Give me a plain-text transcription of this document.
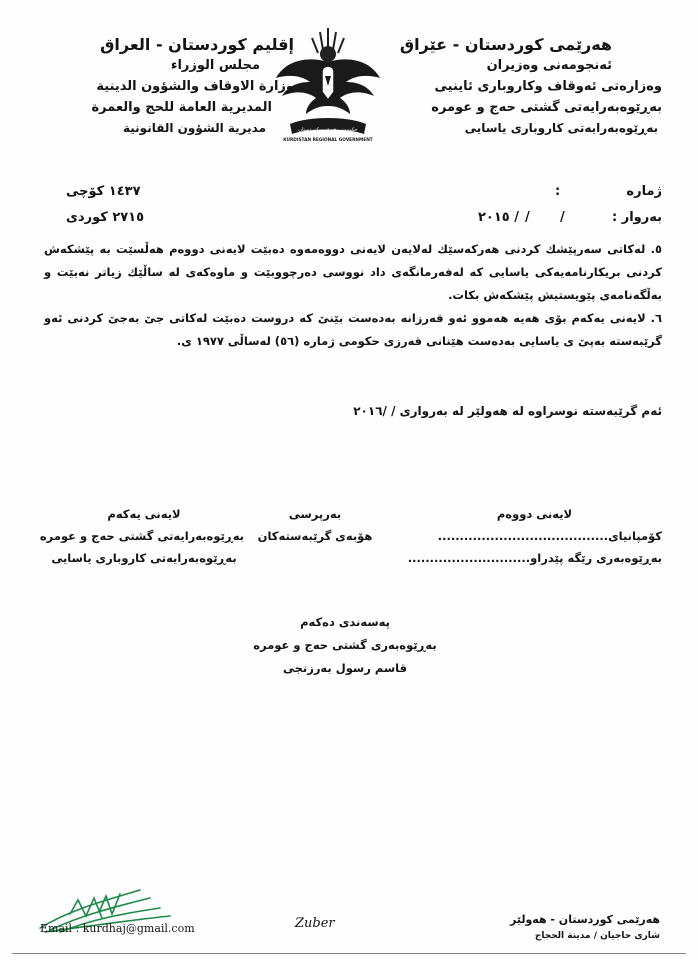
هەرێمی کوردستان - عێراق
ئەنجومەنی وەزیران
وەزارەتی ئەوقاف وکاروباری ئاینیی
بەڕێوەبەرایەتی گشتی حەج و عومرە
بەڕێوەبەرایەتی کاروباری یاسایی
حكومەتی هەرێمی كوردستان
KURDISTAN REGIONAL GOVERNMENT
إقليم كوردستان - العراق
مجلس الوزراء
وزارة الاوقاف والشؤون الدينية
المديرية العامة للحج والعمرة
مديرية الشؤون القانونية
ژمارە
:
بەروار :
/
/
٢٠١٥ /
١٤٣٧ كۆچی
٢٧١٥ كوردی

٥. لەکاتی سەرپێشك كردنی هەرکەسێك لەلایەن لایەنی دووەمەوە دەبێت لایەنی دووەم هەڵسێت بە پێشكەش كردنی بریکارنامەیەکی یاسایی کە لەفەرمانگەی داد نووسی دەرچووبێت و ماوەکەی لە ساڵێك زیاتر نەبێت و بەڵگەنامەی پێویستیش پێشکەش بکات.

٦. لایەنی یەکەم بۆی هەیە هەموو ئەو قەرزانە بەدەست بێنێ کە دروست دەبێت لەکاتی جێ بەجێ کردنی ئەو گرێبەستە بەپێ ی یاسایی بەدەست هێنانی قەرزی حکومی ژمارە (٥٦) لەساڵی ١٩٧٧ ی.

ئەم گرێبەستە نوسراوە لە هەولێر لە بەرواری / /٢٠١٦
لایەنی یەکەم
بەڕێوەبەرایەتی گشتی حەج و عومرە
بەڕێوەبەرایەتی كاروباری یاسایی
بەرپرسی
هۆبەی گرێبەستەکان
لایەنی دووەم
کۆمپانیای.......................................
بەڕێوەبەری رێگە پێدراو............................
پەسەندی دەکەم
بەڕێوەبەری گشتی حەج و عومرە
قاسم رسول بەرزنجی
Email : kurdhaj@gmail.com	Zuber	هەرێمی كوردستان - هەولێر
شاری حاجیان / مدینة الحجاج
